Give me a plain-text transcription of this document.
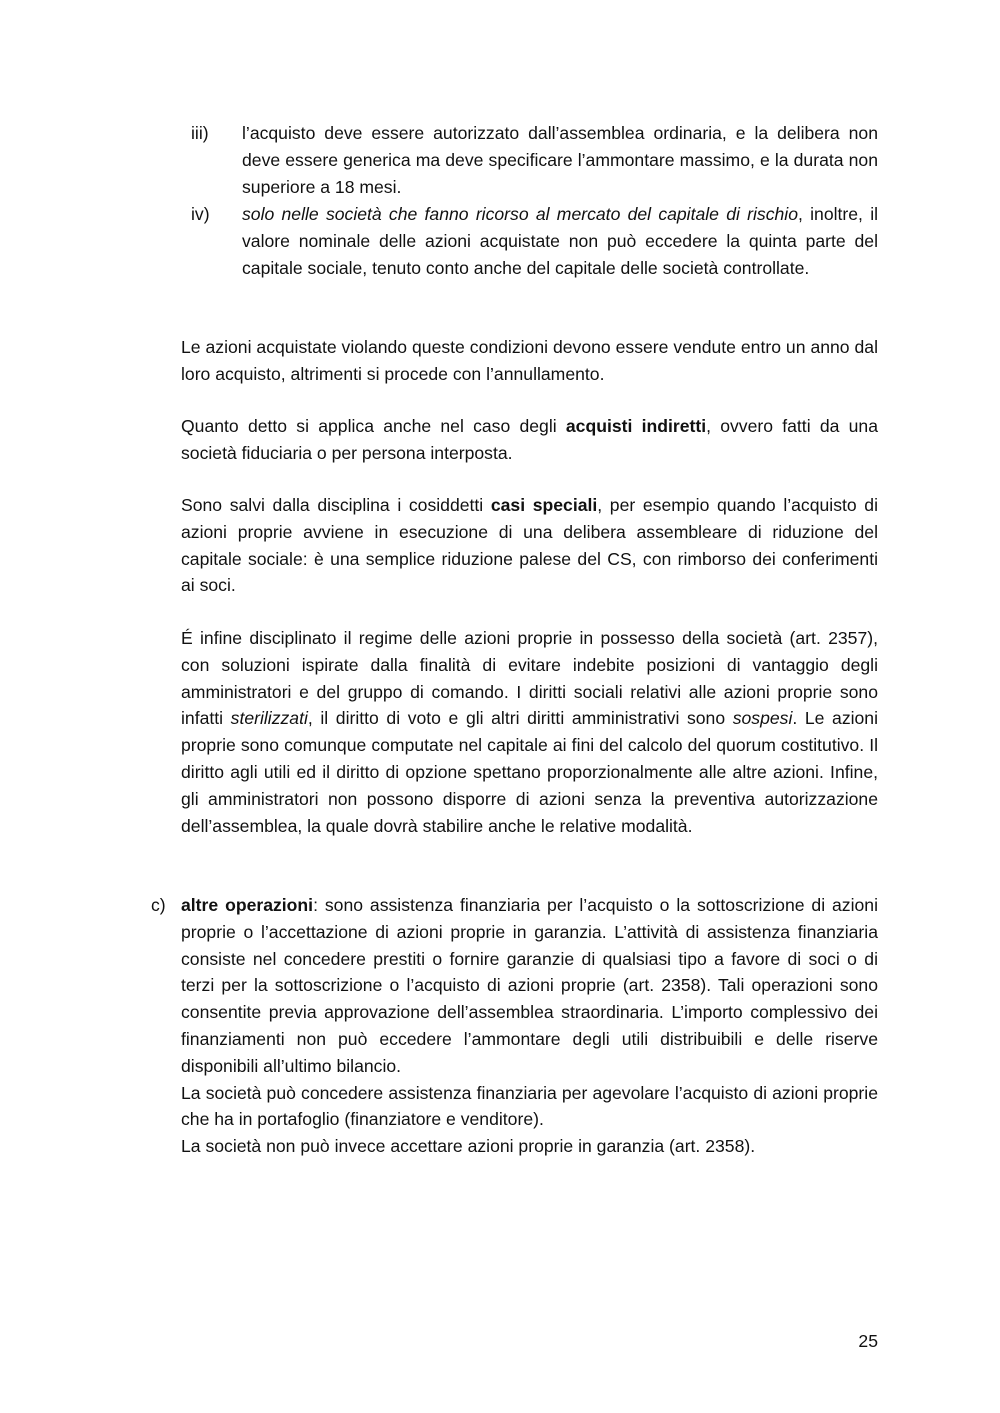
iii) l’acquisto deve essere autorizzato dall’assemblea ordinaria, e la delibera non deve essere generica ma deve specificare l’ammontare massimo, e la durata non superiore a 18 mesi.

iv) solo nelle società che fanno ricorso al mercato del capitale di rischio, inoltre, il valore nominale delle azioni acquistate non può eccedere la quinta parte del capitale sociale, tenuto conto anche del capitale delle società controllate.

Le azioni acquistate violando queste condizioni devono essere vendute entro un anno dal loro acquisto, altrimenti si procede con l’annullamento.

Quanto detto si applica anche nel caso degli acquisti indiretti, ovvero fatti da una società fiduciaria o per persona interposta.

Sono salvi dalla disciplina i cosiddetti casi speciali, per esempio quando l’acquisto di azioni proprie avviene in esecuzione di una delibera assembleare di riduzione del capitale sociale: è una semplice riduzione palese del CS, con rimborso dei conferimenti ai soci.

É infine disciplinato il regime delle azioni proprie in possesso della società (art. 2357), con soluzioni ispirate dalla finalità di evitare indebite posizioni di vantaggio degli amministratori e del gruppo di comando. I diritti sociali relativi alle azioni proprie sono infatti sterilizzati, il diritto di voto e gli altri diritti amministrativi sono sospesi. Le azioni proprie sono comunque computate nel capitale ai fini del calcolo del quorum costitutivo. Il diritto agli utili ed il diritto di opzione spettano proporzionalmente alle altre azioni. Infine, gli amministratori non possono disporre di azioni senza la preventiva autorizzazione dell’assemblea, la quale dovrà stabilire anche le relative modalità.

c) altre operazioni: sono assistenza finanziaria per l’acquisto o la sottoscrizione di azioni proprie o l’accettazione di azioni proprie in garanzia. L’attività di assistenza finanziaria consiste nel concedere prestiti o fornire garanzie di qualsiasi tipo a favore di soci o di terzi per la sottoscrizione o l’acquisto di azioni proprie (art. 2358). Tali operazioni sono consentite previa approvazione dell’assemblea straordinaria. L’importo complessivo dei finanziamenti non può eccedere l’ammontare degli utili distribuibili e delle riserve disponibili all’ultimo bilancio.

La società può concedere assistenza finanziaria per agevolare l’acquisto di azioni proprie che ha in portafoglio (finanziatore e venditore).

La società non può invece accettare azioni proprie in garanzia (art. 2358).

25
